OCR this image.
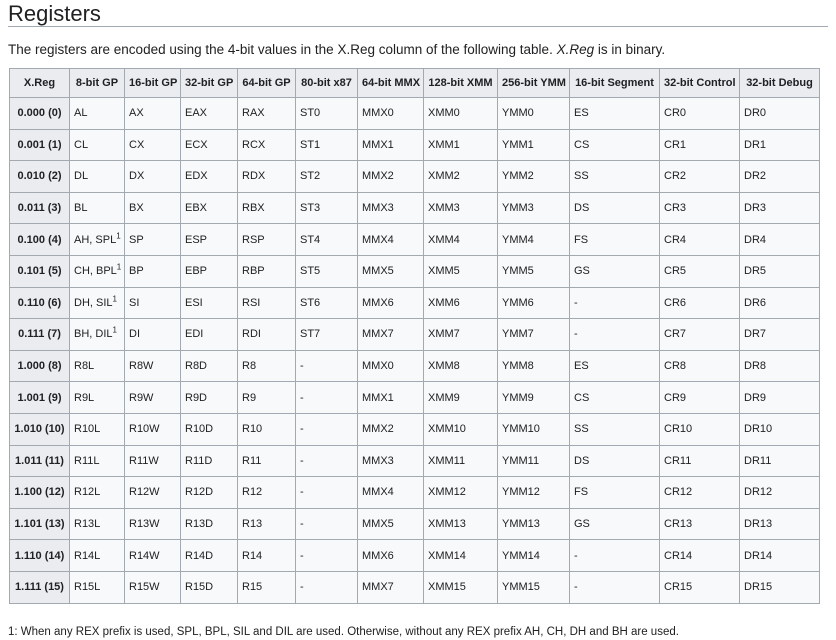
Registers

The registers are encoded using the 4-bit values in the X.Reg column of the following table. X.Reg is in binary.

X.Reg	8-bit GP	16-bit GP	32-bit GP	64-bit GP	80-bit x87	64-bit MMX	128-bit XMM	256-bit YMM	16-bit Segment	32-bit Control	32-bit Debug
0.000 (0)	AL	AX	EAX	RAX	ST0	MMX0	XMM0	YMM0	ES	CR0	DR0
0.001 (1)	CL	CX	ECX	RCX	ST1	MMX1	XMM1	YMM1	CS	CR1	DR1
0.010 (2)	DL	DX	EDX	RDX	ST2	MMX2	XMM2	YMM2	SS	CR2	DR2
0.011 (3)	BL	BX	EBX	RBX	ST3	MMX3	XMM3	YMM3	DS	CR3	DR3
0.100 (4)	AH, SPL$^1$	SP	ESP	RSP	ST4	MMX4	XMM4	YMM4	FS	CR4	DR4
0.101 (5)	CH, BPL$^1$	BP	EBP	RBP	ST5	MMX5	XMM5	YMM5	GS	CR5	DR5
0.110 (6)	DH, SIL$^1$	SI	ESI	RSI	ST6	MMX6	XMM6	YMM6	-	CR6	DR6
0.111 (7)	BH, DIL$^1$	DI	EDI	RDI	ST7	MMX7	XMM7	YMM7	-	CR7	DR7
1.000 (8)	R8L	R8W	R8D	R8	-	MMX0	XMM8	YMM8	ES	CR8	DR8
1.001 (9)	R9L	R9W	R9D	R9	-	MMX1	XMM9	YMM9	CS	CR9	DR9
1.010 (10)	R10L	R10W	R10D	R10	-	MMX2	XMM10	YMM10	SS	CR10	DR10
1.011 (11)	R11L	R11W	R11D	R11	-	MMX3	XMM11	YMM11	DS	CR11	DR11
1.100 (12)	R12L	R12W	R12D	R12	-	MMX4	XMM12	YMM12	FS	CR12	DR12
1.101 (13)	R13L	R13W	R13D	R13	-	MMX5	XMM13	YMM13	GS	CR13	DR13
1.110 (14)	R14L	R14W	R14D	R14	-	MMX6	XMM14	YMM14	-	CR14	DR14
1.111 (15)	R15L	R15W	R15D	R15	-	MMX7	XMM15	YMM15	-	CR15	DR15
1: When any REX prefix is used, SPL, BPL, SIL and DIL are used. Otherwise, without any REX prefix AH, CH, DH and BH are used.
